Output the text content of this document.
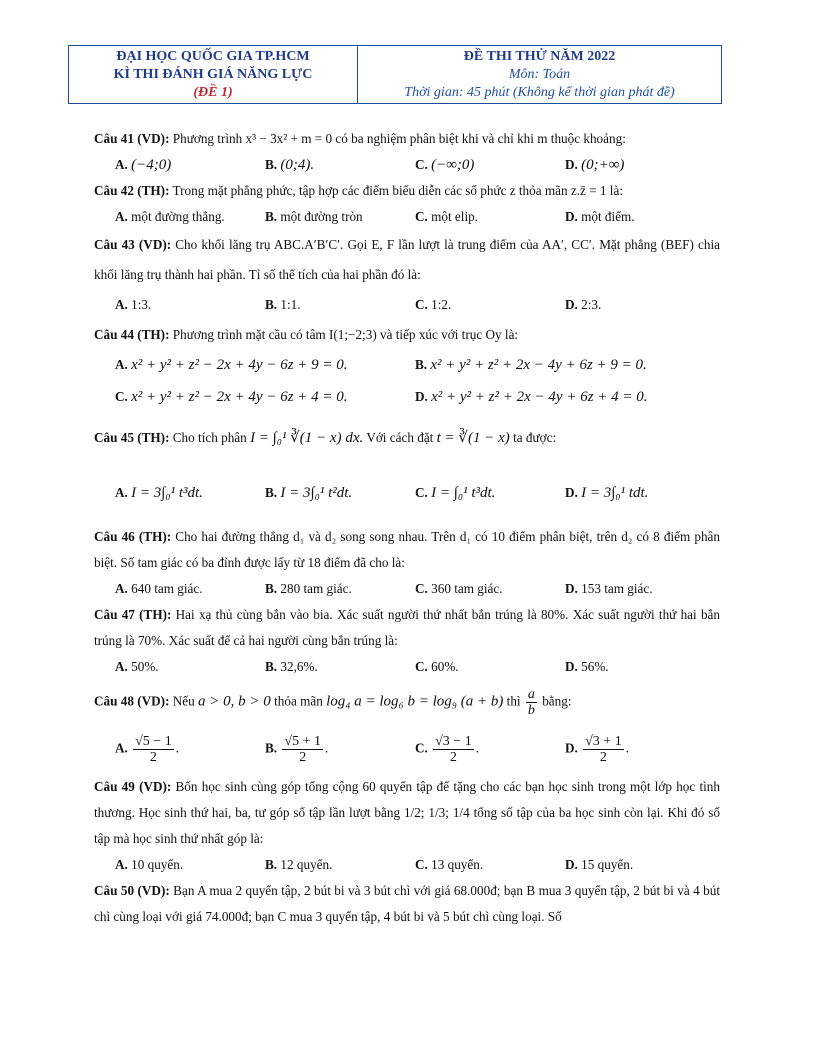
ĐẠI HỌC QUỐC GIA TP.HCM
KÌ THI ĐÁNH GIÁ NĂNG LỰC
(ĐỀ 1)
ĐỀ THI THỬ NĂM 2022
Môn: Toán
Thời gian: 45 phút (Không kể thời gian phát đề)
Câu 41 (VD): Phương trình x³ − 3x² + m = 0 có ba nghiệm phân biệt khi và chỉ khi m thuộc khoảng:
A. (−4;0)	B. (0;4).	C. (−∞;0)	D. (0;+∞)
Câu 42 (TH): Trong mặt phẳng phức, tập hợp các điểm biểu diễn các số phức z thỏa mãn z.z̄ = 1 là:
A. một đường thẳng.	B. một đường tròn	C. một elip.	D. một điểm.
Câu 43 (VD): Cho khối lăng trụ ABC.A′B′C′. Gọi E, F lần lượt là trung điểm của AA′, CC′. Mặt phẳng (BEF) chia khối lăng trụ thành hai phần. Tỉ số thể tích của hai phần đó là:
A. 1:3.	B. 1:1.	C. 1:2.	D. 2:3.
Câu 44 (TH): Phương trình mặt cầu có tâm I(1;−2;3) và tiếp xúc với trục Oy là:
A. x² + y² + z² − 2x + 4y − 6z + 9 = 0.	B. x² + y² + z² + 2x − 4y + 6z + 9 = 0.
C. x² + y² + z² − 2x + 4y − 6z + 4 = 0.	D. x² + y² + z² + 2x − 4y + 6z + 4 = 0.
Câu 45 (TH): Cho tích phân I = ∫₀¹ ∛(1 − x) dx. Với cách đặt t = ∛(1 − x) ta được:
A. I = 3∫₀¹ t³dt.	B. I = 3∫₀¹ t²dt.	C. I = ∫₀¹ t³dt.	D. I = 3∫₀¹ tdt.
Câu 46 (TH): Cho hai đường thẳng d₁ và d₂ song song nhau. Trên d₁ có 10 điểm phân biệt, trên d₂ có 8 điểm phân biệt. Số tam giác có ba đỉnh được lấy từ 18 điểm đã cho là:
A. 640 tam giác.	B. 280 tam giác.	C. 360 tam giác.	D. 153 tam giác.
Câu 47 (TH): Hai xạ thủ cùng bắn vào bia. Xác suất người thứ nhất bắn trúng là 80%. Xác suất người thứ hai bắn trúng là 70%. Xác suất để cả hai người cùng bắn trúng là:
A. 50%.	B. 32,6%.	C. 60%.	D. 56%.
Câu 48 (VD): Nếu a > 0, b > 0 thỏa mãn log₄ a = log₆ b = log₉ (a + b) thì $\frac{a}{b}$ bằng:
A. $\frac{√5 - 1}{2}$ .	B. $\frac{√5 + 1}{2}$ .	C. $\frac{√3 - 1}{2}$ .	D. $\frac{√3 + 1}{2}$ .
Câu 49 (VD): Bốn học sinh cùng góp tổng cộng 60 quyển tập để tặng cho các bạn học sinh trong một lớp học tình thương. Học sinh thứ hai, ba, tư góp số tập lần lượt bằng 1/2; 1/3; 1/4 tổng số tập của ba học sinh còn lại. Khi đó số tập mà học sinh thứ nhất góp là:
A. 10 quyển.	B. 12 quyển.	C. 13 quyển.	D. 15 quyển.
Câu 50 (VD): Bạn A mua 2 quyển tập, 2 bút bi và 3 bút chì với giá 68.000đ; bạn B mua 3 quyển tập, 2 bút bi và 4 bút chì cùng loại với giá 74.000đ; bạn C mua 3 quyển tập, 4 bút bi và 5 bút chì cùng loại. Số
